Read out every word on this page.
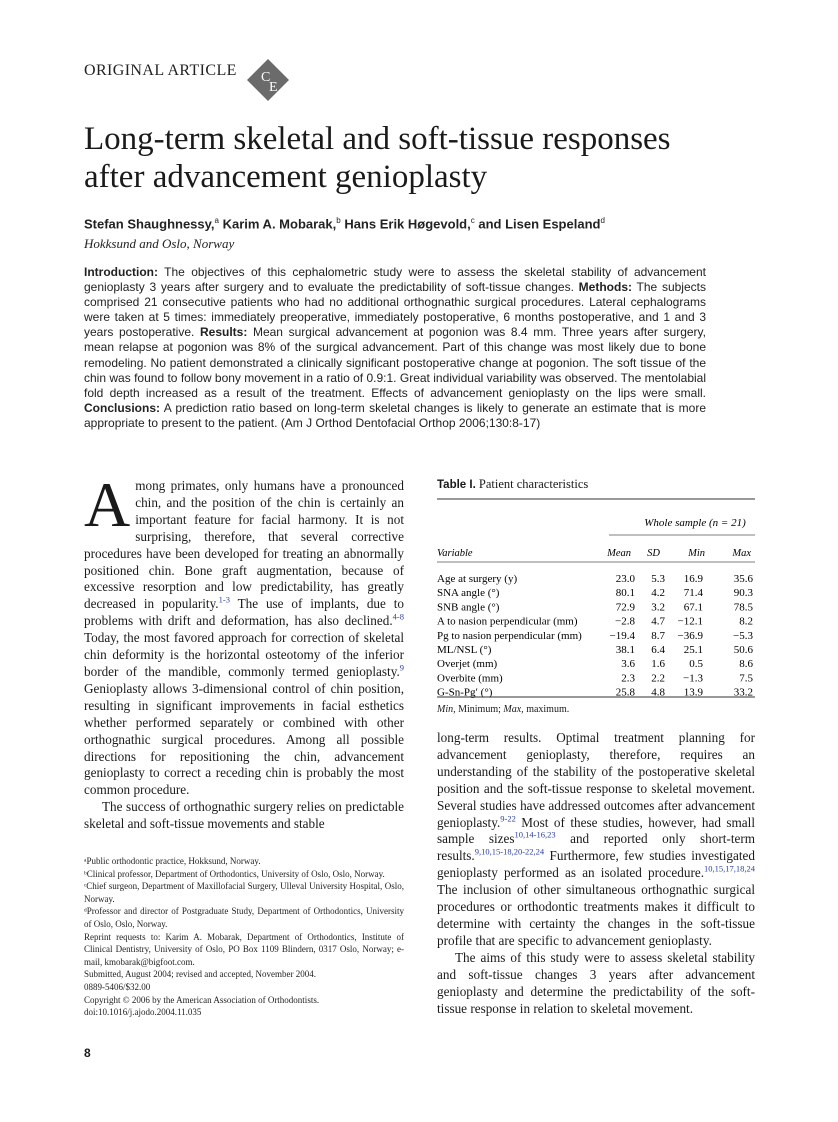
ORIGINAL ARTICLE C
E
Long-term skeletal and soft-tissue responses
after advancement genioplasty
Stefan Shaughnessy,$^a$ Karim A. Mobarak,$^b$ Hans Erik Høgevold,$^c$ and Lisen Espeland$^d$
Hokksund and Oslo, Norway
Introduction: The objectives of this cephalometric study were to assess the skeletal stability of advancement genioplasty 3 years after surgery and to evaluate the predictability of soft-tissue changes. Methods: The subjects comprised 21 consecutive patients who had no additional orthognathic surgical procedures. Lateral cephalograms were taken at 5 times: immediately preoperative, immediately postoperative, 6 months postoperative, and 1 and 3 years postoperative. Results: Mean surgical advancement at pogonion was 8.4 mm. Three years after surgery, mean relapse at pogonion was 8% of the surgical advancement. Part of this change was most likely due to bone remodeling. No patient demonstrated a clinically significant postoperative change at pogonion. The soft tissue of the chin was found to follow bony movement in a ratio of 0.9:1. Great individual variability was observed. The mentolabial fold depth increased as a result of the treatment. Effects of advancement genioplasty on the lips were small. Conclusions: A prediction ratio based on long-term skeletal changes is likely to generate an estimate that is more appropriate to present to the patient. (Am J Orthod Dentofacial Orthop 2006;130:8-17)

Among primates, only humans have a pronounced chin, and the position of the chin is certainly an important feature for facial harmony. It is not surprising, therefore, that several corrective procedures have been developed for treating an abnormally positioned chin. Bone graft augmentation, because of excessive resorption and low predictability, has greatly decreased in popularity.$^{1-3}$ The use of implants, due to problems with drift and deformation, has also declined.$^{4-8}$ Today, the most favored approach for correction of skeletal chin deformity is the horizontal osteotomy of the inferior border of the mandible, commonly termed genioplasty.$^9$ Genioplasty allows 3-dimensional control of chin position, resulting in significant improvements in facial esthetics whether performed separately or combined with other orthognathic surgical procedures. Among all possible directions for repositioning the chin, advancement genioplasty to correct a receding chin is probably the most common procedure.

The success of orthognathic surgery relies on predictable skeletal and soft-tissue movements and stable

ᵃPublic orthodontic practice, Hokksund, Norway.

ᵇClinical professor, Department of Orthodontics, University of Oslo, Oslo, Norway.

ᶜChief surgeon, Department of Maxillofacial Surgery, Ulleval University Hospital, Oslo, Norway.

ᵈProfessor and director of Postgraduate Study, Department of Orthodontics, University of Oslo, Oslo, Norway.

Reprint requests to: Karim A. Mobarak, Department of Orthodontics, Institute of Clinical Dentistry, University of Oslo, PO Box 1109 Blindern, 0317 Oslo, Norway; e-mail, kmobarak@bigfoot.com.

Submitted, August 2004; revised and accepted, November 2004.

0889-5406/$32.00

Copyright © 2006 by the American Association of Orthodontists.

doi:10.1016/j.ajodo.2004.11.035

8
Table I. Patient characteristics
Whole sample (n = 21)
Variable	Mean SD	Min	Max
Age at surgery (y)	23.0 5.3 16.9	35.6
SNA angle (°)	80.1 4.2 71.4	90.3
SNB angle (°)	72.9 3.2 67.1	78.5
A to nasion perpendicular (mm)	−2.8 4.7 −12.1	8.2
Pg to nasion perpendicular (mm)	−19.4 8.7 −36.9	−5.3
ML/NSL (°)	38.1 6.4 25.1	50.6
Overjet (mm)	3.6 1.6 0.5	8.6
Overbite (mm)	2.3 2.2 −1.3	7.5
G-Sn-Pg′ (°)	25.8 4.8 13.9	33.2
Min, Minimum; Max, maximum.

long-term results. Optimal treatment planning for advancement genioplasty, therefore, requires an understanding of the stability of the postoperative skeletal position and the soft-tissue response to skeletal movement. Several studies have addressed outcomes after advancement genioplasty.$^{9-22}$ Most of these studies, however, had small sample sizes$^{10,14-16,23}$ and reported only short-term results.$^{9,10,15-18,20-22,24}$ Furthermore, few studies investigated genioplasty performed as an isolated procedure.$^{10,15,17,18,24}$ The inclusion of other simultaneous orthognathic surgical procedures or orthodontic treatments makes it difficult to determine with certainty the changes in the soft-tissue profile that are specific to advancement genioplasty.

The aims of this study were to assess skeletal stability and soft-tissue changes 3 years after advancement genioplasty and determine the predictability of the soft-tissue response in relation to skeletal movement.
